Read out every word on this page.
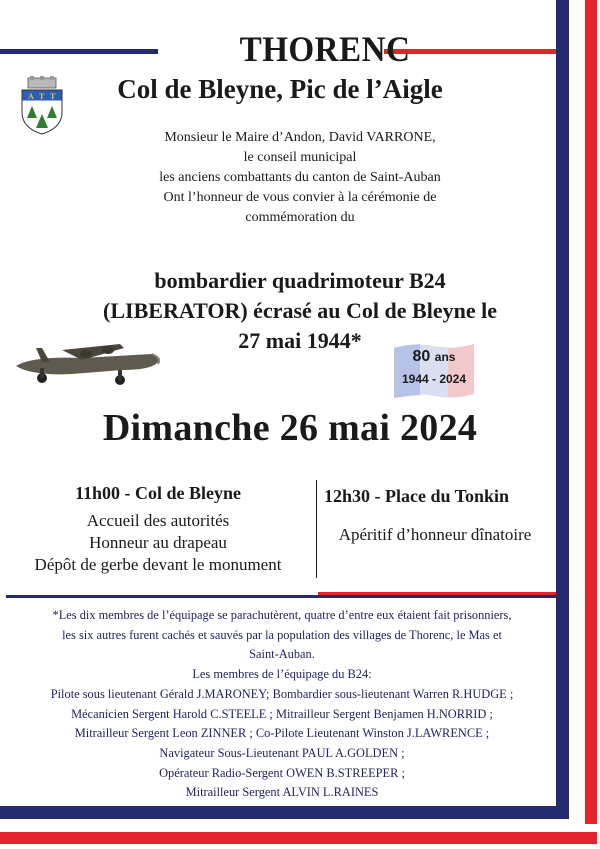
A T T
THORENC
Col de Bleyne, Pic de l’Aigle
Monsieur le Maire d’Andon, David VARRONE,
le conseil municipal
les anciens combattants du canton de Saint-Auban
Ont l’honneur de vous convier à la cérémonie de
commémoration du
bombardier quadrimoteur B24
(LIBERATOR) écrasé au Col de Bleyne le
27 mai 1944*
80 ans
1944 - 2024
Dimanche 26 mai 2024
11h00 - Col de Bleyne
Accueil des autorités
Honneur au drapeau
Dépôt de gerbe devant le monument
12h30 - Place du Tonkin
Apéritif d’honneur dînatoire
*Les dix membres de l’équipage se parachutèrent, quatre d’entre eux étaient fait prisonniers,
les six autres furent cachés et sauvés par la population des villages de Thorenc, le Mas et
Saint-Auban.
Les membres de l’équipage du B24:
Pilote sous lieutenant Gérald J.MARONEY; Bombardier sous-lieutenant Warren R.HUDGE ;
Mécanicien Sergent Harold C.STEELE ; Mitrailleur Sergent Benjamen H.NORRID ;
Mitrailleur Sergent Leon ZINNER ; Co-Pilote Lieutenant Winston J.LAWRENCE ;
Navigateur Sous-Lieutenant PAUL A.GOLDEN ;
Opérateur Radio-Sergent OWEN B.STREEPER ;
Mitrailleur Sergent ALVIN L.RAINES
